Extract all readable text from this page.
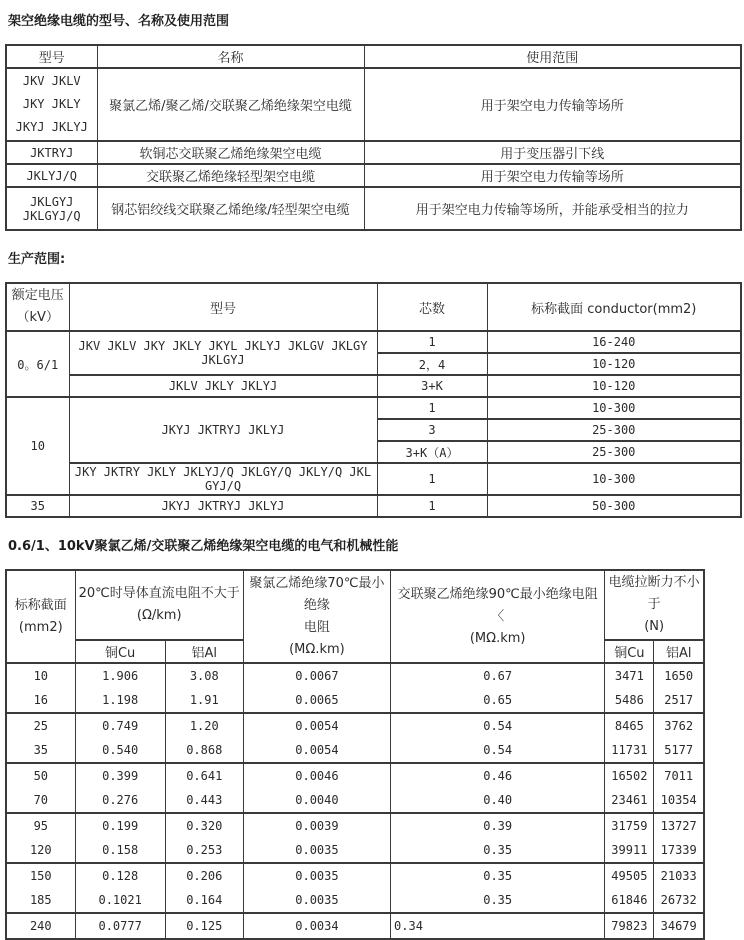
架空绝缘电缆的型号、名称及使用范围
型号	名称	使用范围

JKV JKLV
JKY JKLY
JKYJ JKLYJ	聚氯乙烯/聚乙烯/交联聚乙烯绝缘架空电缆	用于架空电力传输等场所
JKTRYJ	软铜芯交联聚乙烯绝缘架空电缆	用于变压器引下线
JKLYJ/Q	交联聚乙烯绝缘轻型架空电缆	用于架空电力传输等场所

JKLGYJ
JKLGYJ/Q	钢芯铝绞线交联聚乙烯绝缘/轻型架空电缆	用于架空电力传输等场所，并能承受相当的拉力
生产范围:
额定电压
（kV）	型号	芯数	标称截面 conductor(mm2)
0。6/1	JKV JKLV JKY JKLY JKYL JKLYJ JKLGV JKLGY JKLGYJ	1	16-240
		2，4	10-120
	JKLV JKLY JKLYJ	3+K	10-120
10	JKYJ JKTRYJ JKLYJ	1	10-300
		3	25-300
		3+K（A）	25-300
	JKY JKTRY JKLY JKLYJ/Q JKLGY/Q JKLY/Q JKLGYJ/Q	1	10-300
35	JKYJ JKTRYJ JKLYJ	1	50-300
0.6/1、10kV聚氯乙烯/交联聚乙烯绝缘架空电缆的电气和机械性能
标称截面
(mm2)

20℃时导体直流电阻不大于
(Ω/km)

聚氯乙烯绝缘70℃最小绝缘
电阻
(MΩ.km)

交联聚乙烯绝缘90℃最小绝缘电阻〈
(MΩ.km)

电缆拉断力不小于
(N)

	铜Cu	铝Al			铜Cu	铝Al
10	1.906	3.08	0.0067	0.67	3471	1650
16	1.198	1.91	0.0065	0.65	5486	2517
25	0.749	1.20	0.0054	0.54	8465	3762
35	0.540	0.868	0.0054	0.54	11731	5177
50	0.399	0.641	0.0046	0.46	16502	7011
70	0.276	0.443	0.0040	0.40	23461	10354
95	0.199	0.320	0.0039	0.39	31759	13727
120	0.158	0.253	0.0035	0.35	39911	17339
150	0.128	0.206	0.0035	0.35	49505	21033
185	0.1021	0.164	0.0035	0.35	61846	26732
240	0.0777	0.125	0.0034	0.34	79823	34679
